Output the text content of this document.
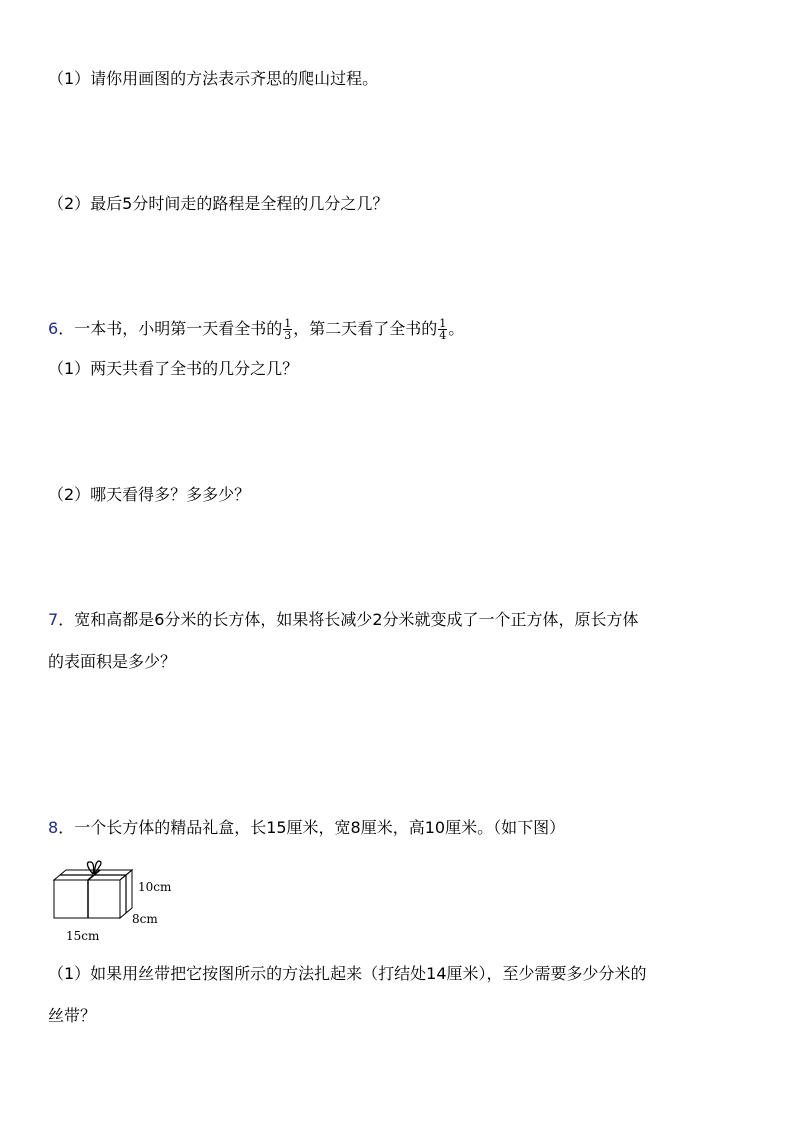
（1）请你用画图的方法表示齐思的爬山过程。
（2）最后5分时间走的路程是全程的几分之几？
6．一本书，小明第一天看全书的 $\frac{1}{3}$ ，第二天看了全书的 $\frac{1}{4}$ 。
（1）两天共看了全书的几分之几？
（2）哪天看得多？多多少？
7．宽和高都是6分米的长方体，如果将长减少2分米就变成了一个正方体，原长方体
的表面积是多少？
8．一个长方体的精品礼盒，长15厘米，宽8厘米，高10厘米。（如下图）
10cm
8cm
15cm
（1）如果用丝带把它按图所示的方法扎起来（打结处14厘米），至少需要多少分米的
丝带？
